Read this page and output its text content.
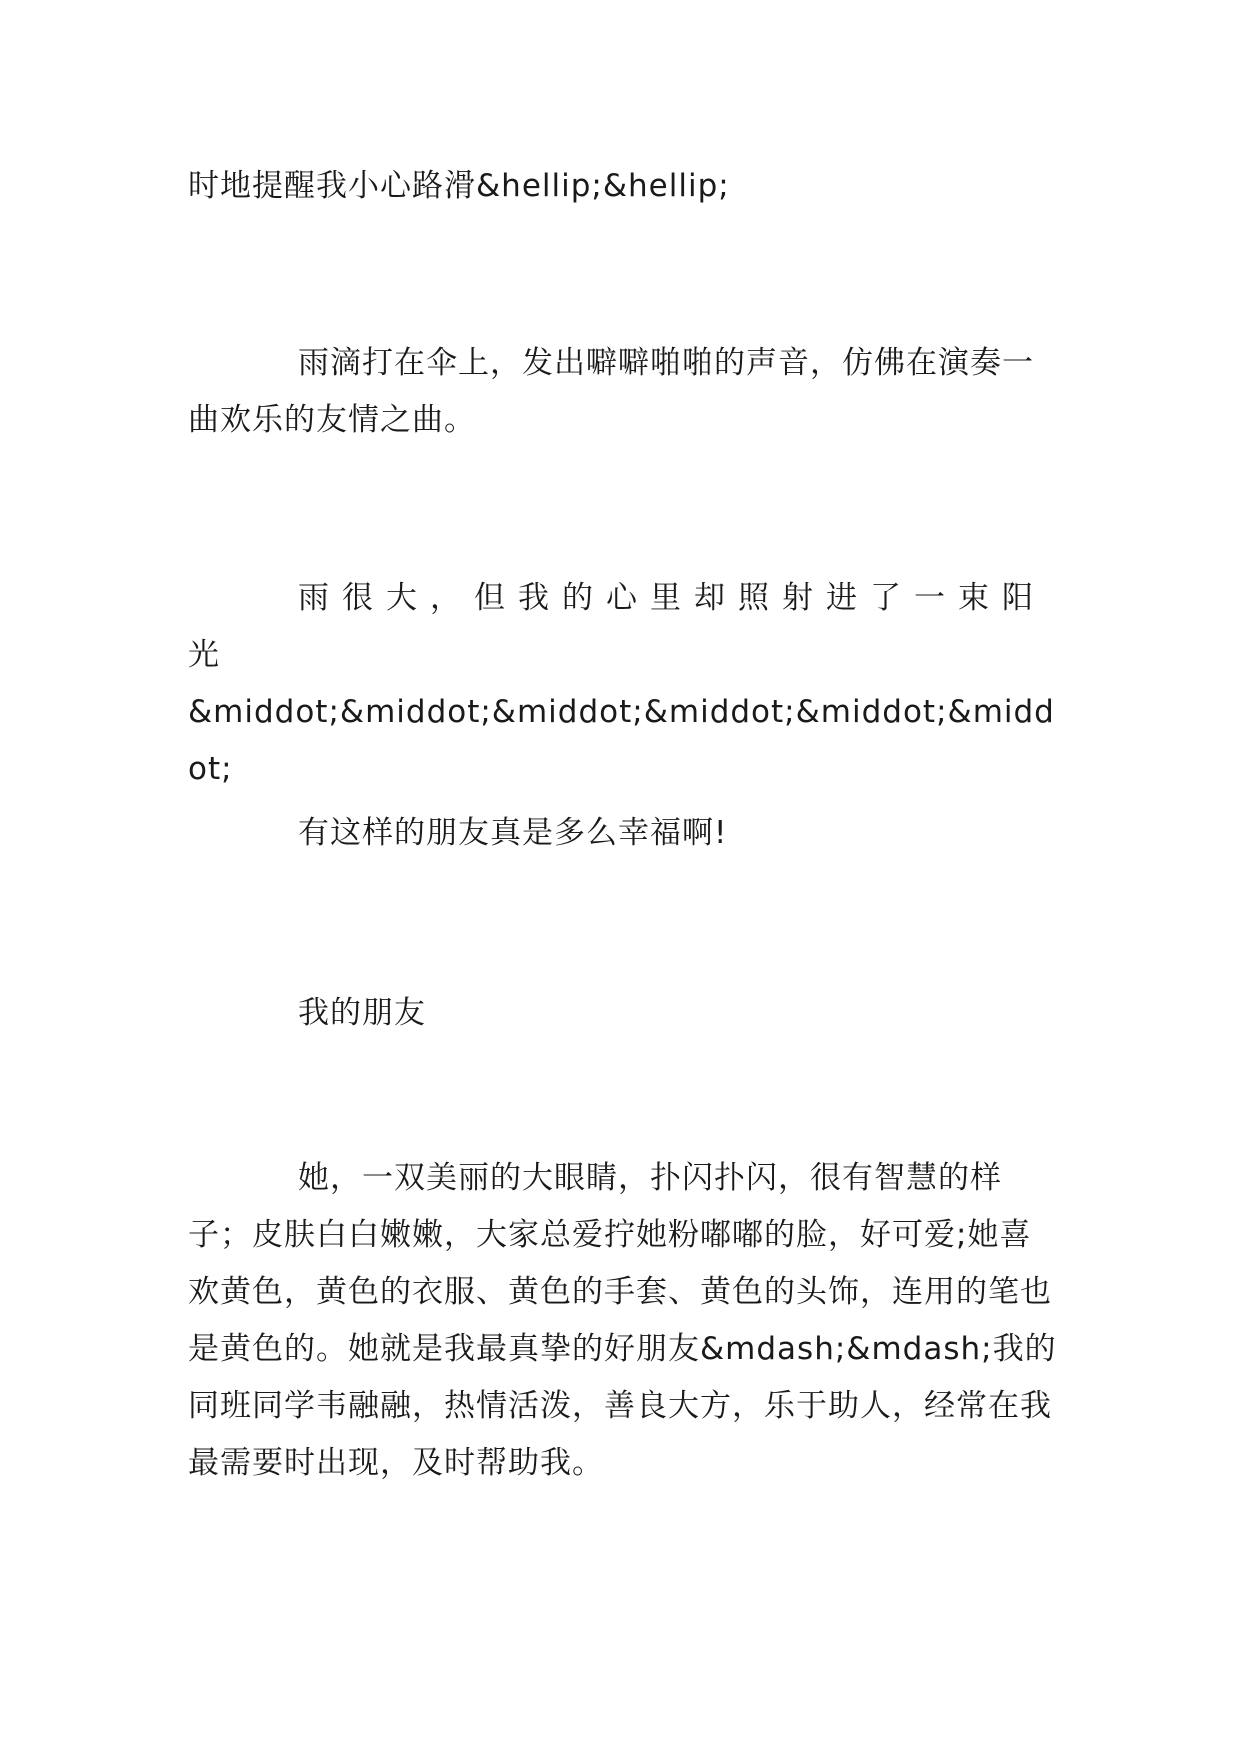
时地提醒我小心路滑&hellip;&hellip;
雨滴打在伞上，发出噼噼啪啪的声音，仿佛在演奏一曲欢乐的友情之曲。
雨很大，但我的心里却照射进了一束阳光
&middot;&middot;&middot;&middot;&middot;&middot;
有这样的朋友真是多么幸福啊!
我的朋友
她，一双美丽的大眼睛，扑闪扑闪，很有智慧的样子；皮肤白白嫩嫩，大家总爱拧她粉嘟嘟的脸，好可爱;她喜欢黄色，黄色的衣服、黄色的手套、黄色的头饰，连用的笔也是黄色的。她就是我最真挚的好朋友&mdash;&mdash;我的同班同学韦融融，热情活泼，善良大方，乐于助人，经常在我最需要时出现，及时帮助我。
